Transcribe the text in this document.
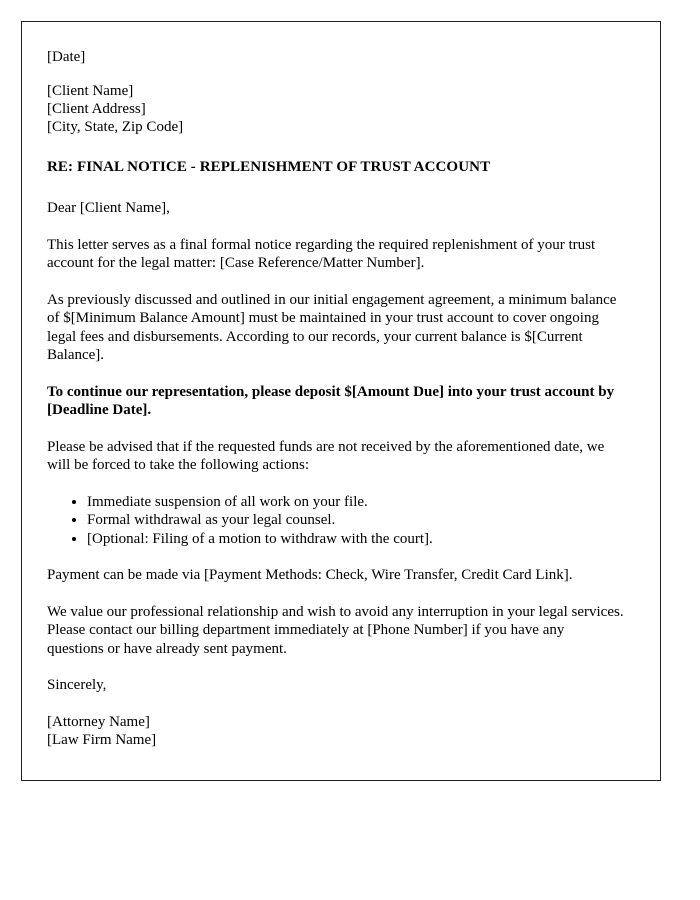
[Date]
[Client Name]
[Client Address]
[City, State, Zip Code]
RE: FINAL NOTICE - REPLENISHMENT OF TRUST ACCOUNT

Dear [Client Name],

This letter serves as a final formal notice regarding the required replenishment of your trust account for the legal matter: [Case Reference/Matter Number].

As previously discussed and outlined in our initial engagement agreement, a minimum balance of $[Minimum Balance Amount] must be maintained in your trust account to cover ongoing legal fees and disbursements. According to our records, your current balance is $[Current Balance].

To continue our representation, please deposit $[Amount Due] into your trust account by [Deadline Date].

Please be advised that if the requested funds are not received by the aforementioned date, we will be forced to take the following actions:

• Immediate suspension of all work on your file.
• Formal withdrawal as your legal counsel.
• [Optional: Filing of a motion to withdraw with the court].

Payment can be made via [Payment Methods: Check, Wire Transfer, Credit Card Link].

We value our professional relationship and wish to avoid any interruption in your legal services. Please contact our billing department immediately at [Phone Number] if you have any questions or have already sent payment.

Sincerely,

[Attorney Name]
[Law Firm Name]
